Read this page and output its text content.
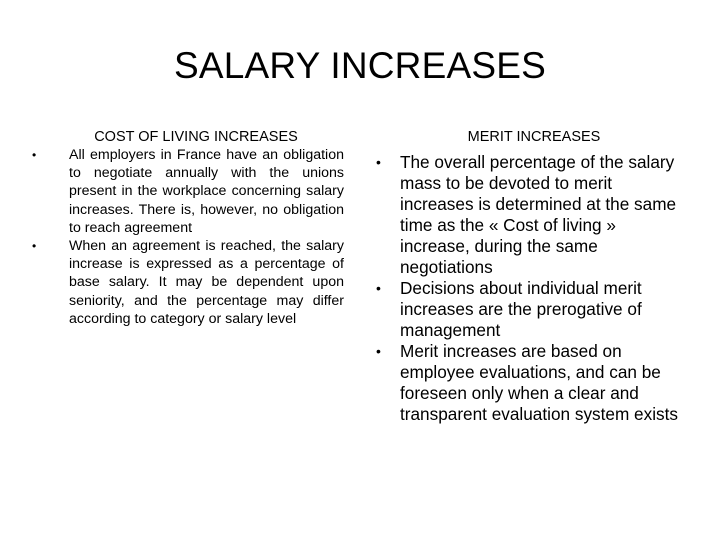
SALARY INCREASES
COST OF LIVING INCREASES
• All employers in France have an obligation to negotiate annually with the unions present in the workplace concerning salary increases. There is, however, no obligation to reach agreement
• When an agreement is reached, the salary increase is expressed as a percentage of base salary. It may be dependent upon seniority, and the percentage may differ according to category or salary level
MERIT INCREASES
• The overall percentage of the salary mass to be devoted to merit increases is determined at the same time as the « Cost of living » increase, during the same negotiations
• Decisions about individual merit increases are the prerogative of management
• Merit increases are based on employee evaluations, and can be foreseen only when a clear and transparent evaluation system exists
